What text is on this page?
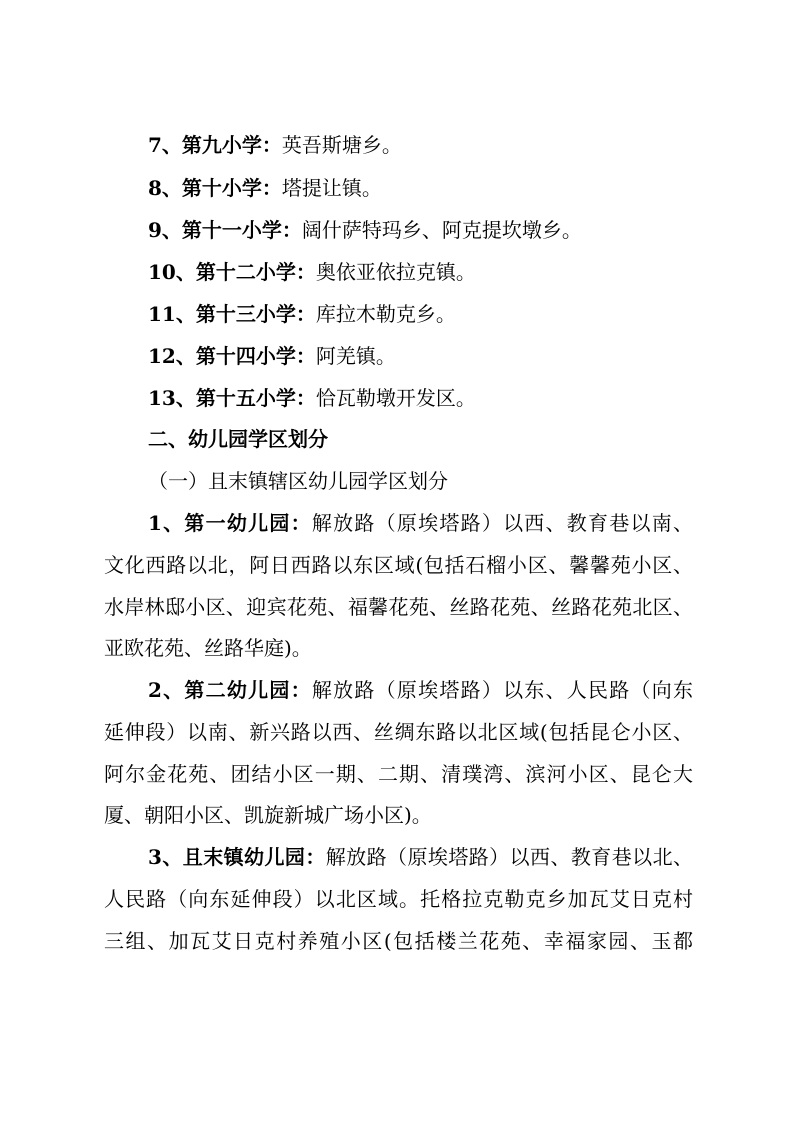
7、第九小学：英吾斯塘乡。
8、第十小学：塔提让镇。
9、第十一小学：阔什萨特玛乡、阿克提坎墩乡。
10、第十二小学：奥依亚依拉克镇。
11、第十三小学：库拉木勒克乡。
12、第十四小学：阿羌镇。
13、第十五小学：恰瓦勒墩开发区。
二、幼儿园学区划分
（一）且末镇辖区幼儿园学区划分
1、第一幼儿园：解放路（原埃塔路）以西、教育巷以南、
文化西路以北，阿日西路以东区域(包括石榴小区、馨馨苑小区、
水岸林邸小区、迎宾花苑、福馨花苑、丝路花苑、丝路花苑北区、
亚欧花苑、丝路华庭)。
2、第二幼儿园：解放路（原埃塔路）以东、人民路（向东
延伸段）以南、新兴路以西、丝绸东路以北区域(包括昆仑小区、
阿尔金花苑、团结小区一期、二期、清璞湾、滨河小区、昆仑大
厦、朝阳小区、凯旋新城广场小区)。
3、且末镇幼儿园：解放路（原埃塔路）以西、教育巷以北、
人民路（向东延伸段）以北区域。托格拉克勒克乡加瓦艾日克村
三组、加瓦艾日克村养殖小区(包括楼兰花苑、幸福家园、玉都
